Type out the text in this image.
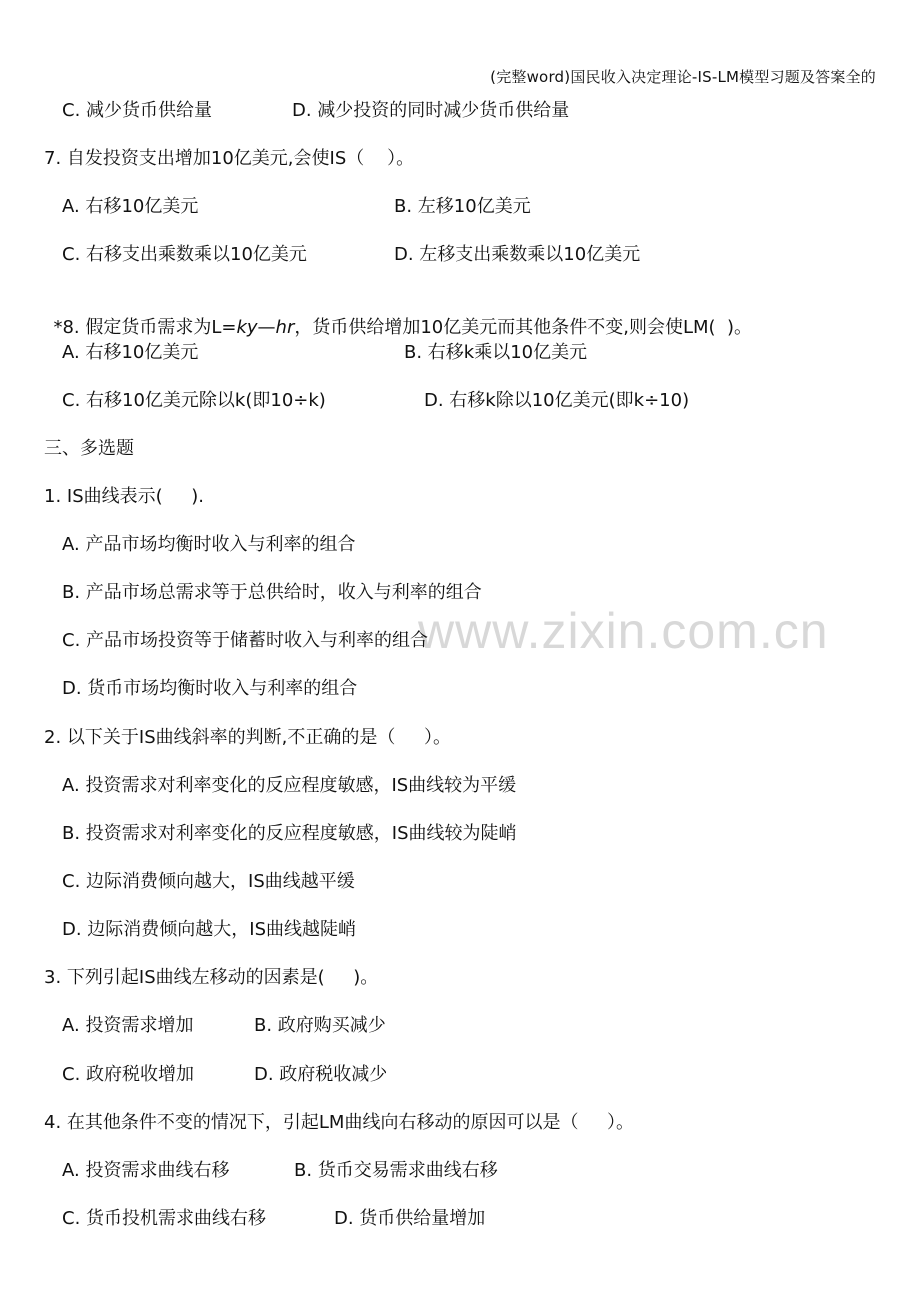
(完整word)国民收入决定理论-IS-LM模型习题及答案全的
www.zixin.com.cn
C. 减少货币供给量	D. 减少投资的同时减少货币供给量
7. 自发投资支出增加10亿美元,会使IS（    ）。
A. 右移10亿美元	B. 左移10亿美元
C. 右移支出乘数乘以10亿美元	D. 左移支出乘数乘以10亿美元

*8. 假定货币需求为L=ky—hr，货币供给增加10亿美元而其他条件不变,则会使LM(  )。

A. 右移10亿美元	B. 右移k乘以10亿美元
C. 右移10亿美元除以k(即10÷k)	D. 右移k除以10亿美元(即k÷10)
三、多选题
1. IS曲线表示(     ).
A. 产品市场均衡时收入与利率的组合
B. 产品市场总需求等于总供给时，收入与利率的组合
C. 产品市场投资等于储蓄时收入与利率的组合
D. 货币市场均衡时收入与利率的组合
2. 以下关于IS曲线斜率的判断,不正确的是（     ）。
A. 投资需求对利率变化的反应程度敏感，IS曲线较为平缓
B. 投资需求对利率变化的反应程度敏感，IS曲线较为陡峭
C. 边际消费倾向越大，IS曲线越平缓
D. 边际消费倾向越大，IS曲线越陡峭
3. 下列引起IS曲线左移动的因素是(     )。
A. 投资需求增加	B. 政府购买减少
C. 政府税收增加	D. 政府税收减少
4. 在其他条件不变的情况下，引起LM曲线向右移动的原因可以是（     ）。
A. 投资需求曲线右移	B. 货币交易需求曲线右移
C. 货币投机需求曲线右移	D. 货币供给量增加
